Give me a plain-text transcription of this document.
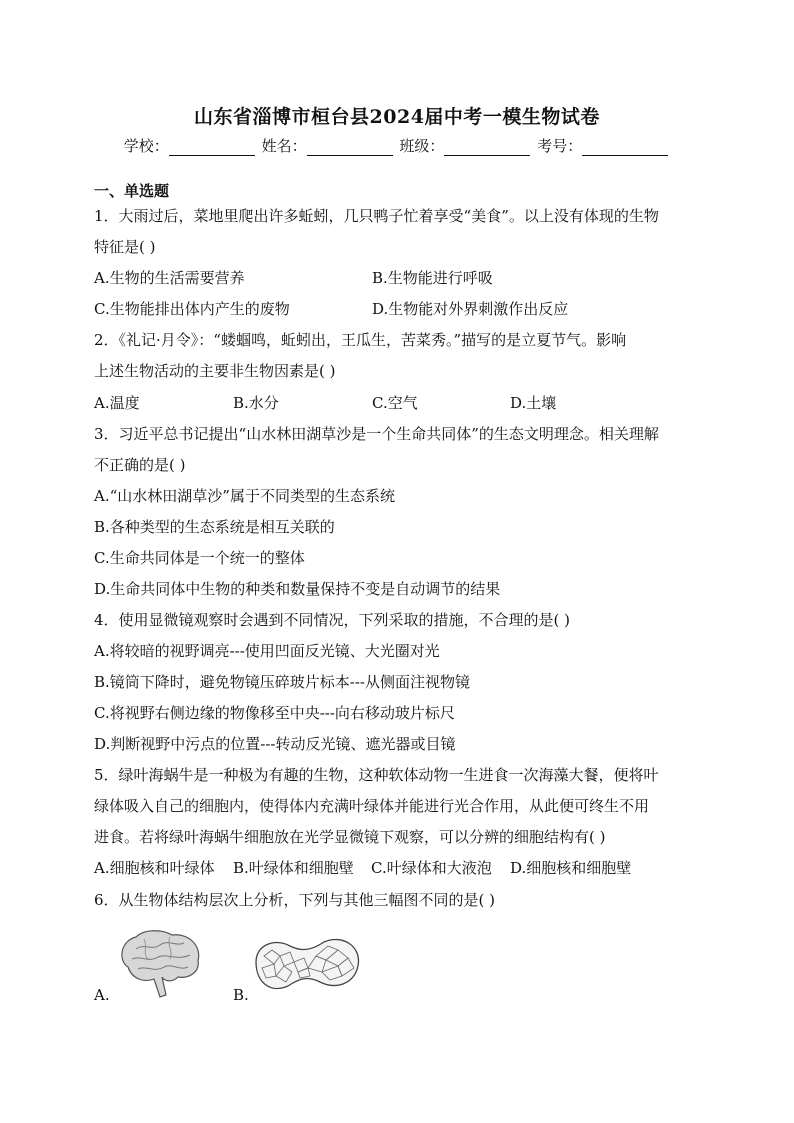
山东省淄博市桓台县2024届中考一模生物试卷
学校：	姓名：	班级：	考号：
一、单选题
1．大雨过后，菜地里爬出许多蚯蚓，几只鸭子忙着享受“美食”。以上没有体现的生物
特征是( )
A.生物的生活需要营养	B.生物能进行呼吸
C.生物能排出体内产生的废物	D.生物能对外界刺激作出反应
2．《礼记·月令》：“蝼蝈鸣，蚯蚓出，王瓜生，苦菜秀。”描写的是立夏节气。影响
上述生物活动的主要非生物因素是( )
A.温度	B.水分	C.空气	D.土壤
3．习近平总书记提出“山水林田湖草沙是一个生命共同体”的生态文明理念。相关理解
不正确的是( )
A.“山水林田湖草沙”属于不同类型的生态系统
B.各种类型的生态系统是相互关联的
C.生命共同体是一个统一的整体
D.生命共同体中生物的种类和数量保持不变是自动调节的结果
4．使用显微镜观察时会遇到不同情况，下列采取的措施，不合理的是( )
A.将较暗的视野调亮---使用凹面反光镜、大光圈对光
B.镜筒下降时，避免物镜压碎玻片标本---从侧面注视物镜
C.将视野右侧边缘的物像移至中央---向右移动玻片标尺
D.判断视野中污点的位置---转动反光镜、遮光器或目镜
5．绿叶海蜗牛是一种极为有趣的生物，这种软体动物一生进食一次海藻大餐，便将叶
绿体吸入自己的细胞内，使得体内充满叶绿体并能进行光合作用，从此便可终生不用
进食。若将绿叶海蜗牛细胞放在光学显微镜下观察，可以分辨的细胞结构有( )
A.细胞核和叶绿体 B.叶绿体和细胞壁 C.叶绿体和大液泡 D.细胞核和细胞壁
6．从生物体结构层次上分析，下列与其他三幅图不同的是( )
A.	B.
